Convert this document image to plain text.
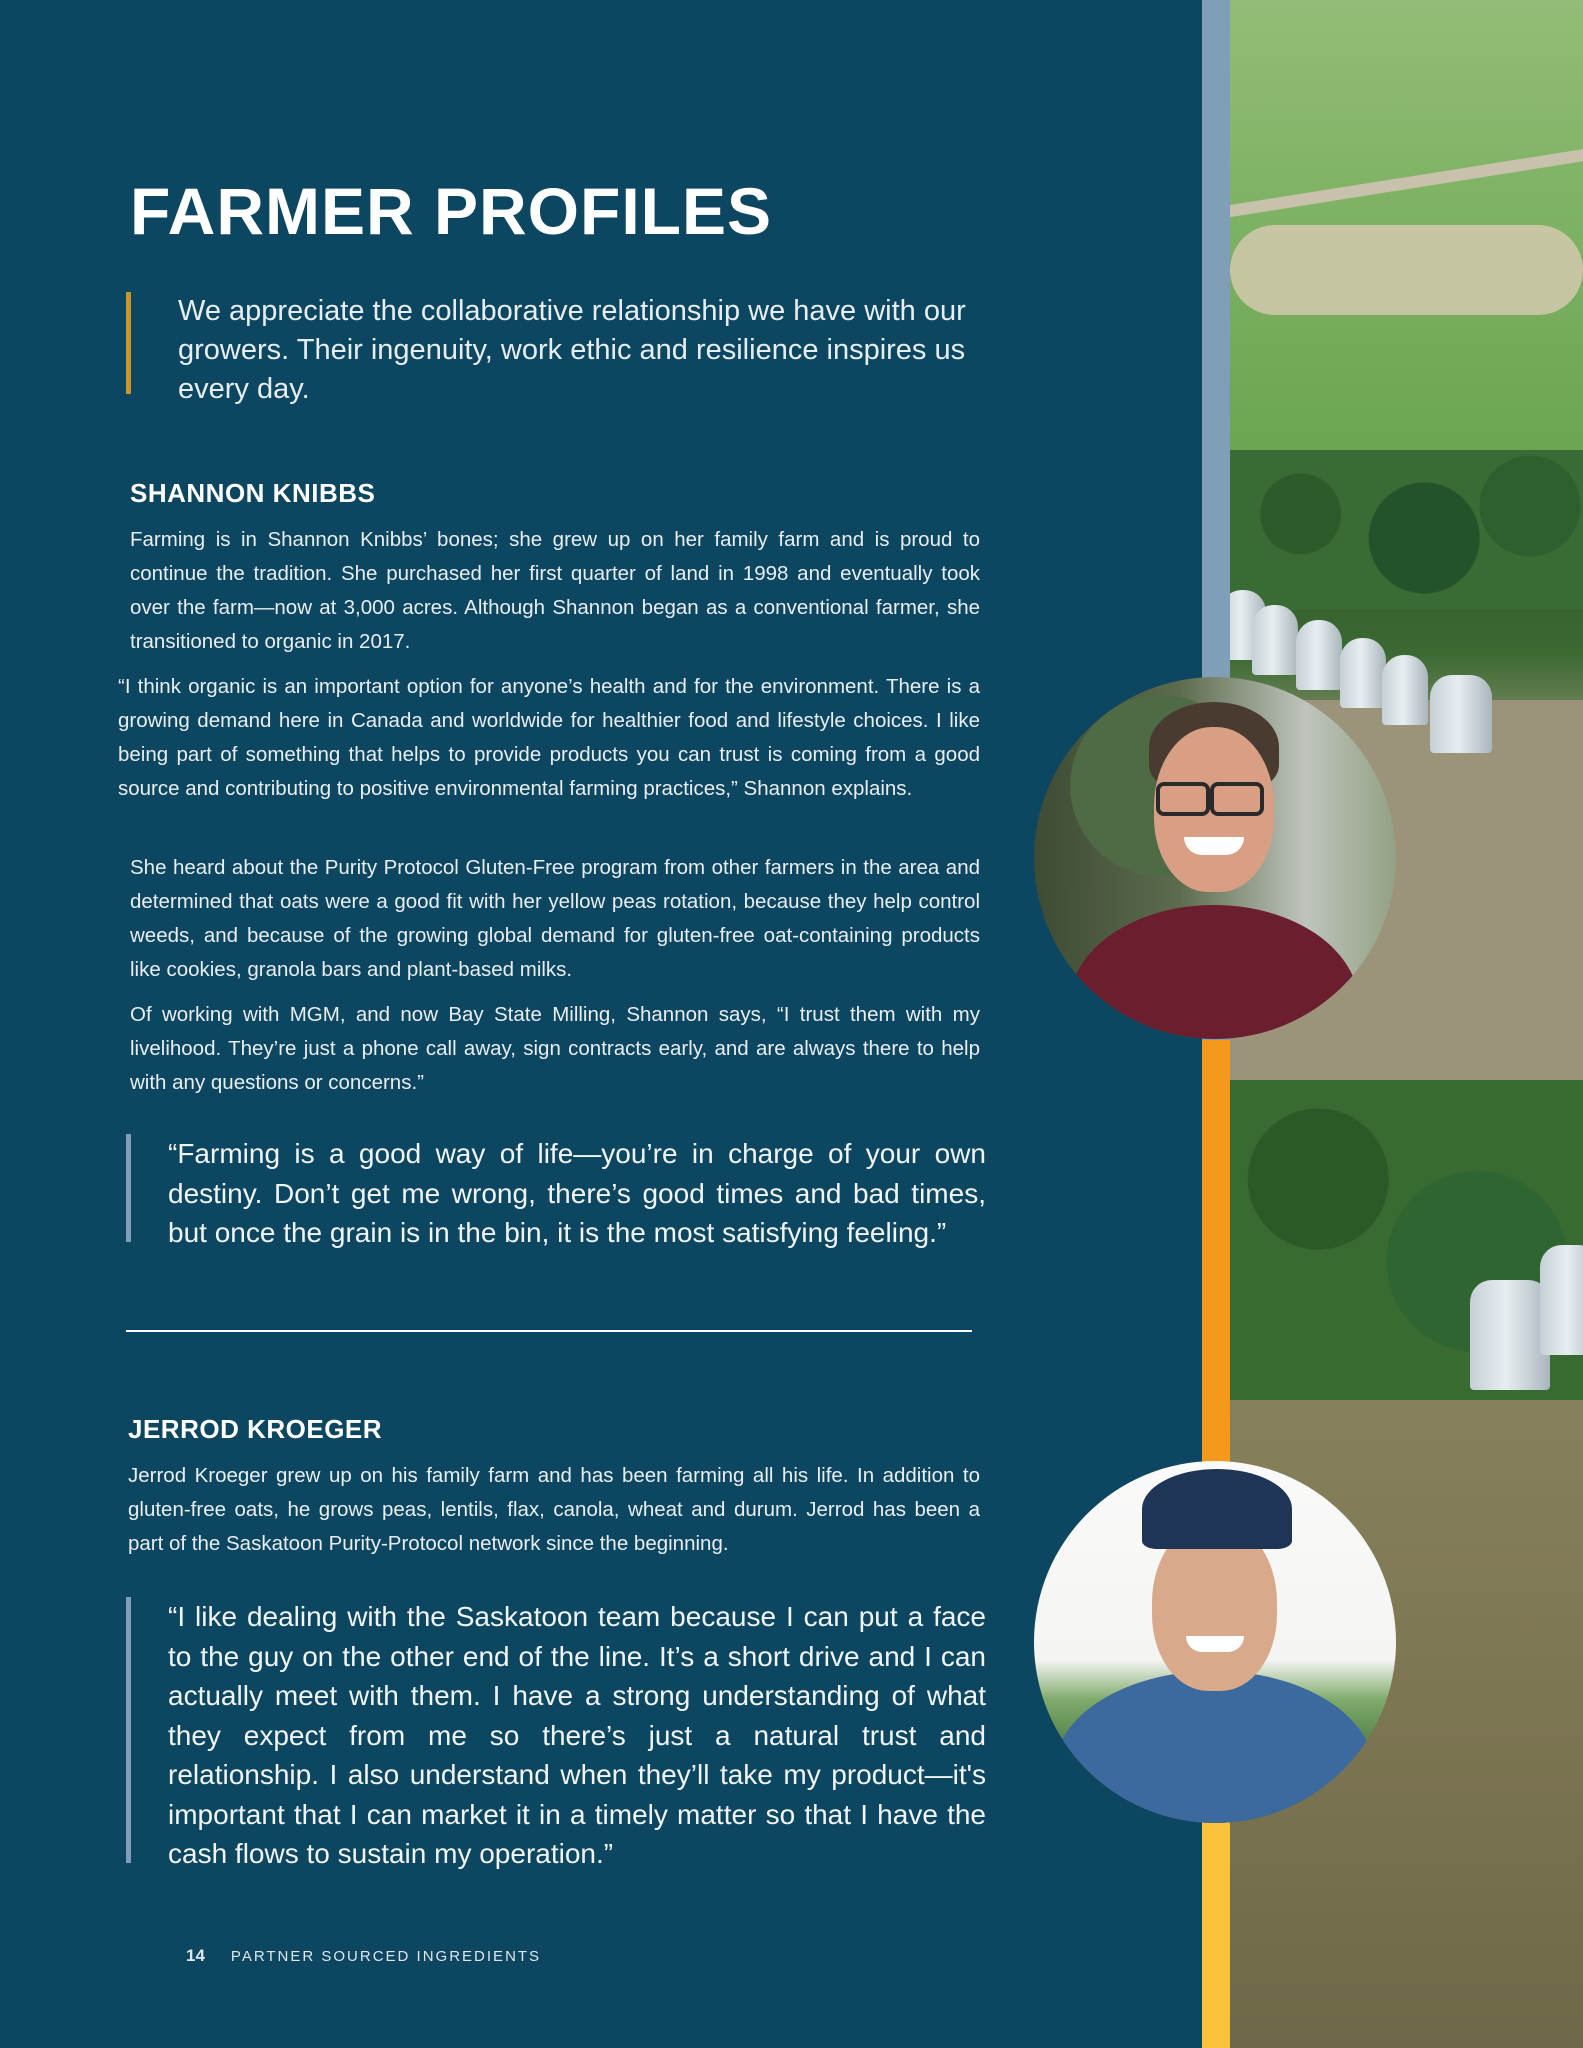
FARMER PROFILES

We appreciate the collaborative relationship we have with our growers. Their ingenuity, work ethic and resilience inspires us every day.

SHANNON KNIBBS

Farming is in Shannon Knibbs’ bones; she grew up on her family farm and is proud to continue the tradition. She purchased her first quarter of land in 1998 and eventually took over the farm—now at 3,000 acres. Although Shannon began as a conventional farmer, she transitioned to organic in 2017.

“I think organic is an important option for anyone’s health and for the environment. There is a growing demand here in Canada and worldwide for healthier food and lifestyle choices. I like being part of something that helps to provide products you can trust is coming from a good source and contributing to positive environmental farming practices,” Shannon explains.

She heard about the Purity Protocol Gluten-Free program from other farmers in the area and determined that oats were a good fit with her yellow peas rotation, because they help control weeds, and because of the growing global demand for gluten-free oat-containing products like cookies, granola bars and plant-based milks.

Of working with MGM, and now Bay State Milling, Shannon says, “I trust them with my livelihood. They’re just a phone call away, sign contracts early, and are always there to help with any questions or concerns.”

“Farming is a good way of life—you’re in charge of your own destiny. Don’t get me wrong, there’s good times and bad times, but once the grain is in the bin, it is the most satisfying feeling.”

JERROD KROEGER

Jerrod Kroeger grew up on his family farm and has been farming all his life. In addition to gluten-free oats, he grows peas, lentils, flax, canola, wheat and durum. Jerrod has been a part of the Saskatoon Purity-Protocol network since the beginning.

“I like dealing with the Saskatoon team because I can put a face to the guy on the other end of the line. It’s a short drive and I can actually meet with them. I have a strong understanding of what they expect from me so there’s just a natural trust and relationship. I also understand when they’ll take my product—it's important that I can market it in a timely matter so that I have the cash flows to sustain my operation.”

14 PARTNER SOURCED INGREDIENTS
